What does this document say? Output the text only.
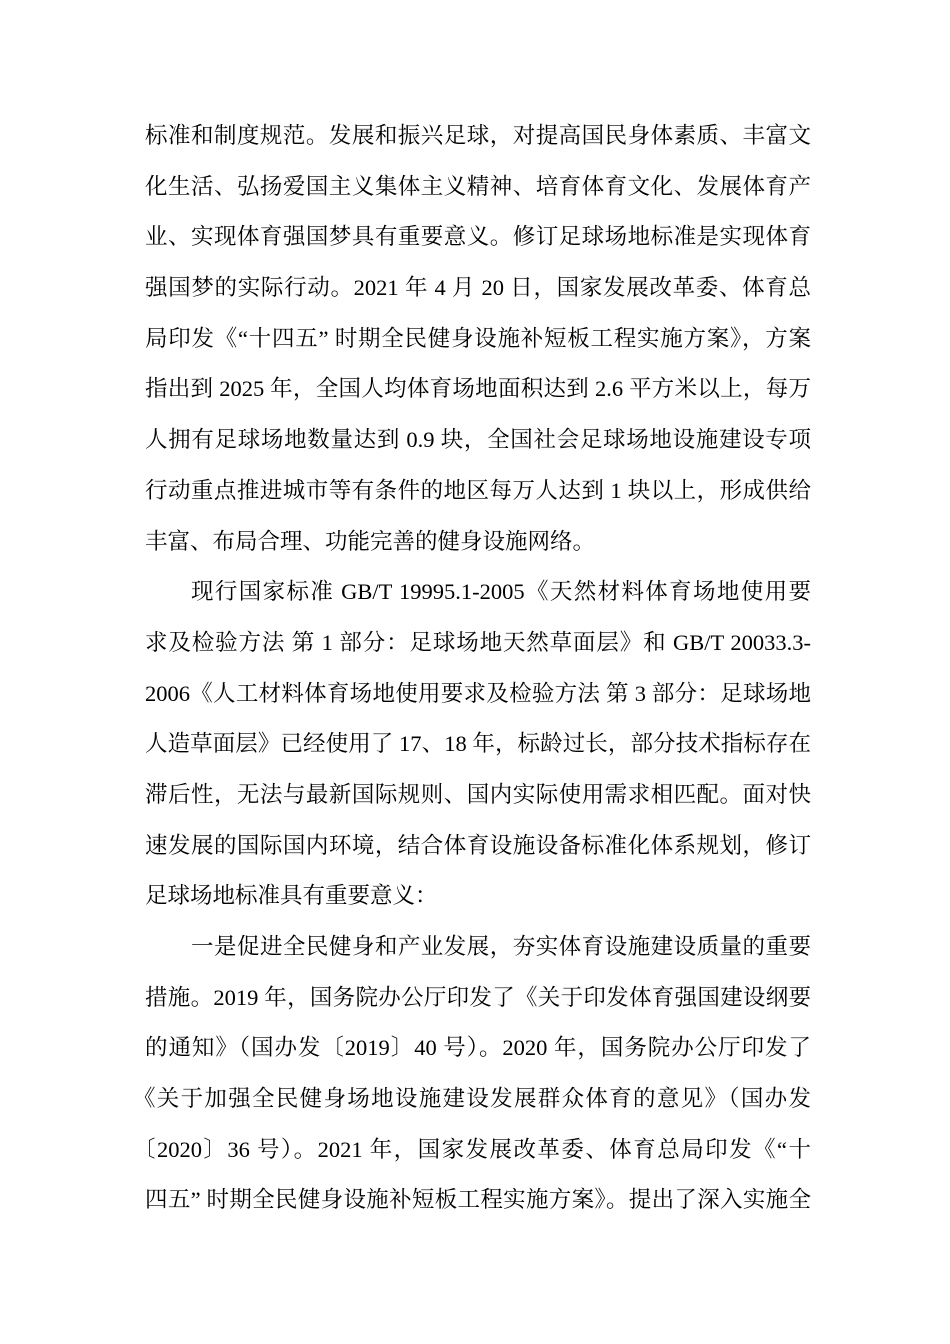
标准和制度规范。发展和振兴足球，对提高国民身体素质、丰富文
化生活、弘扬爱国主义集体主义精神、培育体育文化、发展体育产
业、实现体育强国梦具有重要意义。修订足球场地标准是实现体育
强国梦的实际行动。2021 年 4 月 20 日，国家发展改革委、体育总
局印发《“十四五” 时期全民健身设施补短板工程实施方案》，方案
指出到 2025 年，全国人均体育场地面积达到 2.6 平方米以上，每万
人拥有足球场地数量达到 0.9 块，全国社会足球场地设施建设专项
行动重点推进城市等有条件的地区每万人达到 1 块以上，形成供给
丰富、布局合理、功能完善的健身设施网络。
现行国家标准 GB/T 19995.1-2005《天然材料体育场地使用要
求及检验方法 第 1 部分：足球场地天然草面层》和 GB/T 20033.3-
2006《人工材料体育场地使用要求及检验方法 第 3 部分：足球场地
人造草面层》已经使用了 17、18 年，标龄过长，部分技术指标存在
滞后性，无法与最新国际规则、国内实际使用需求相匹配。面对快
速发展的国际国内环境，结合体育设施设备标准化体系规划，修订
足球场地标准具有重要意义：
一是促进全民健身和产业发展，夯实体育设施建设质量的重要
措施。2019 年，国务院办公厅印发了《关于印发体育强国建设纲要
的通知》（国办发〔2019〕40 号）。2020 年，国务院办公厅印发了
《关于加强全民健身场地设施建设发展群众体育的意见》（国办发
〔2020〕36 号）。2021 年，国家发展改革委、体育总局印发《“十
四五” 时期全民健身设施补短板工程实施方案》。提出了深入实施全
